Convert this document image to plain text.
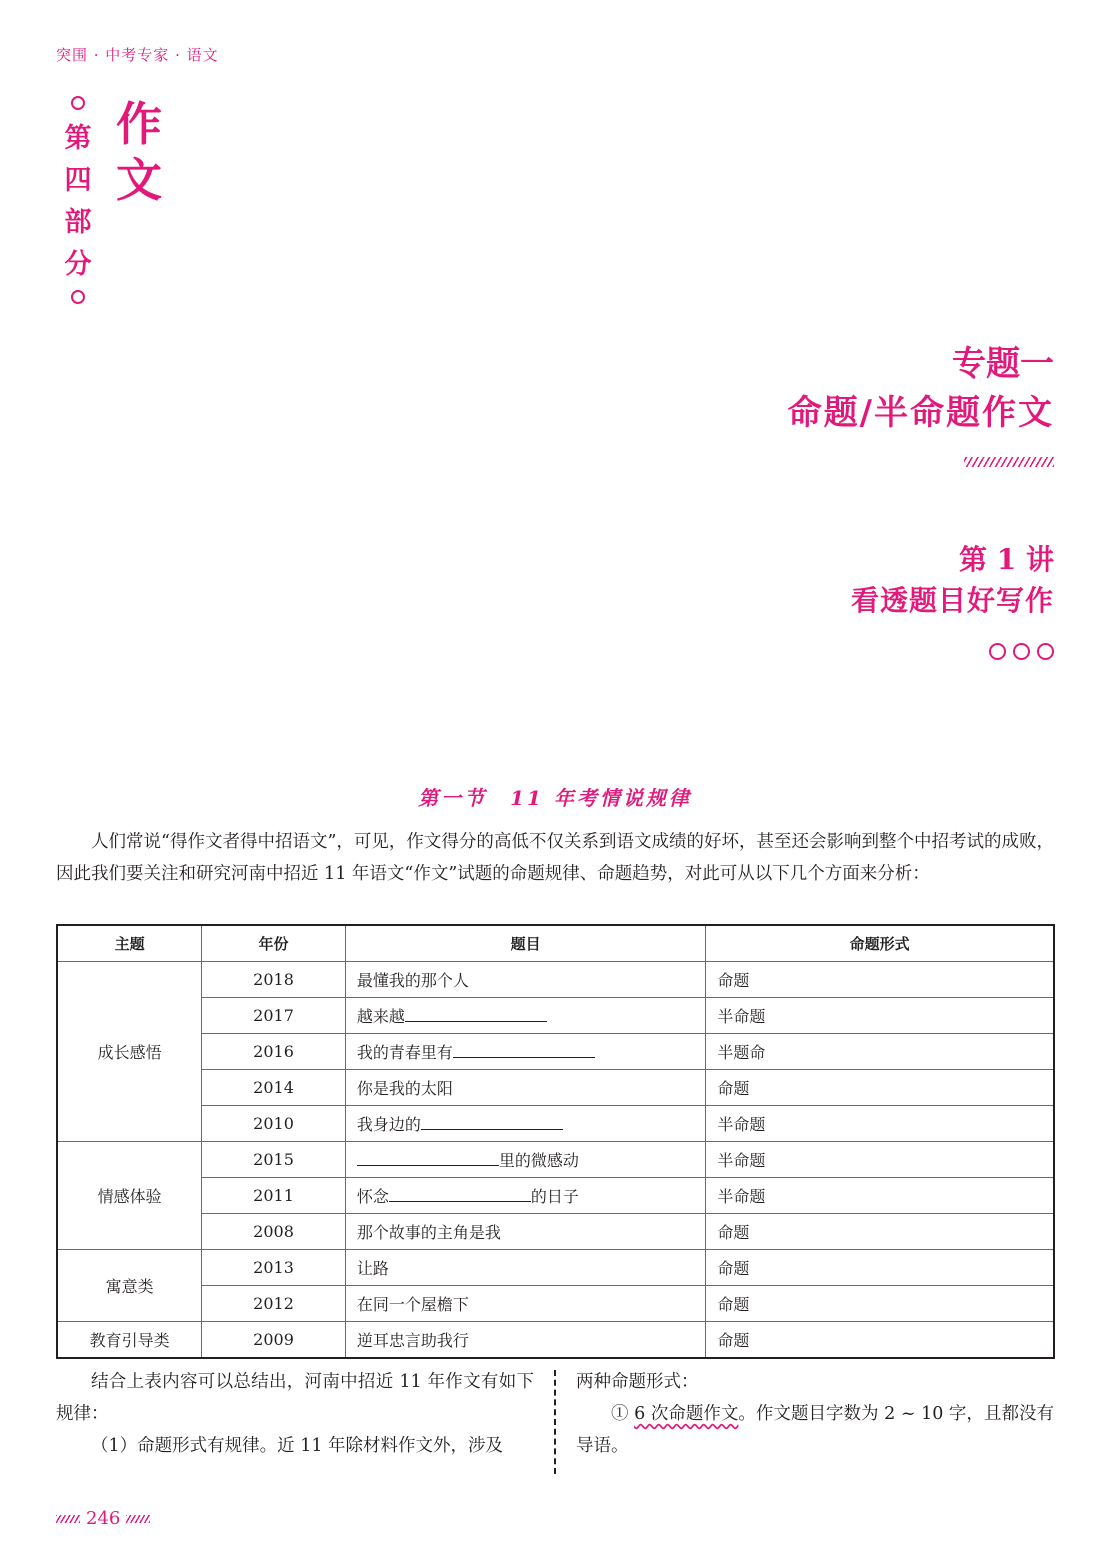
突围 · 中考专家 · 语文
第
四
部
分
作
文
专题一
命题/半命题作文
第 1 讲
看透题目好写作
第一节　11 年考情说规律

人们常说“得作文者得中招语文”，可见，作文得分的高低不仅关系到语文成绩的好坏，甚至还会影响到整个中招考试的成败，因此我们要关注和研究河南中招近 11 年语文“作文”试题的命题规律、命题趋势，对此可从以下几个方面来分析：

主题	年份	题目	命题形式
成长感悟	2018	最懂我的那个人	命题
	2017	越来越	半命题
	2016	我的青春里有	半题命
	2014	你是我的太阳	命题
	2010	我身边的	半命题
情感体验	2015	里的微感动	半命题
	2011	怀念 的日子	半命题
	2008	那个故事的主角是我	命题
寓意类	2013	让路	命题
	2012	在同一个屋檐下	命题
教育引导类	2009	逆耳忠言助我行	命题

结合上表内容可以总结出，河南中招近 11 年作文有如下规律：

（1）命题形式有规律。近 11 年除材料作文外，涉及

两种命题形式：

① 6 次命题作文。作文题目字数为 2 ~ 10 字，且都没有导语。

246
